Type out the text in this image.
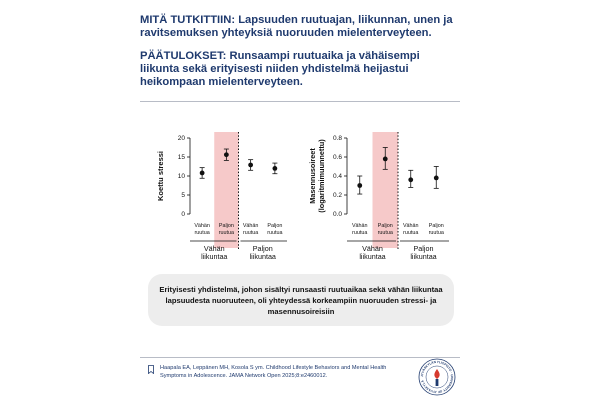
MITÄ TUTKITTIIN: Lapsuuden ruutuajan, liikunnan, unen ja ravitsemuksen yhteyksiä nuoruuden mielenterveyteen.
PÄÄTULOKSET: Runsaampi ruutuaika ja vähäisempi liikunta sekä erityisesti niiden yhdistelmä heijastui heikompaan mielenterveyteen.
0
5
10
15
20
Koettu stressi
Vähän
ruutua
Paljon
ruutua
Vähän
ruutua
Paljon
ruutua
Vähän
liikuntaa
Paljon
liikuntaa
0.0
0.2
0.4
0.6
0.8
Masennusoireet (logaritmimuunnettu)
Vähän
ruutua
Paljon
ruutua
Vähän
ruutua
Paljon
ruutua
Vähän
liikuntaa
Paljon
liikuntaa
Erityisesti yhdistelmä, johon sisältyi runsaasti ruutuaikaa sekä vähän liikuntaa lapsuudesta nuoruuteen, oli yhteydessä korkeampiin nuoruuden stressi- ja masennusoireisiin
Haapala EA, Leppänen MH, Kosola S ym. Childhood Lifestyle Behaviors and Mental Health
Symptoms in Adolescence. JAMA Network Open 2025;8:e2460012.	JYVÄSKYLÄN YLIOPISTO · UNIVERSITY OF JYVÄSKYLÄ
